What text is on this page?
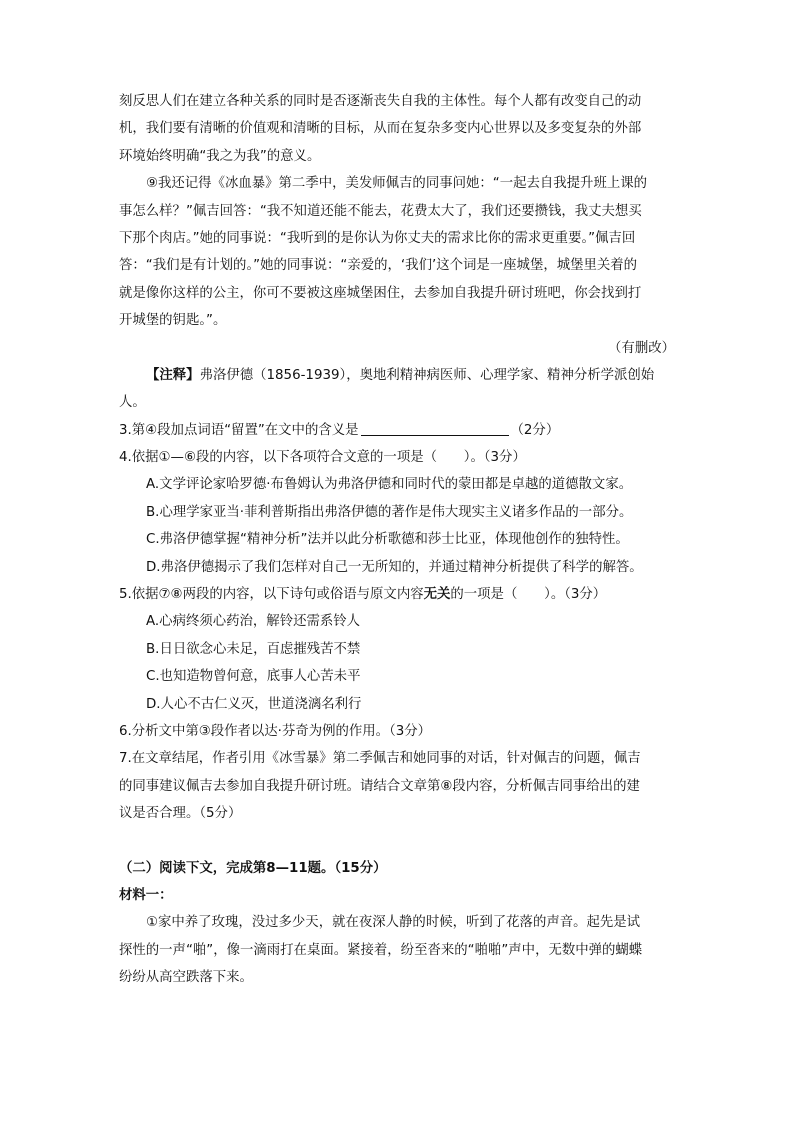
刻反思人们在建立各种关系的同时是否逐渐丧失自我的主体性。每个人都有改变自己的动
机，我们要有清晰的价值观和清晰的目标，从而在复杂多变内心世界以及多变复杂的外部
环境始终明确“我之为我”的意义。
⑨我还记得《冰血暴》第二季中，美发师佩吉的同事问她：“一起去自我提升班上课的
事怎么样？”佩吉回答：“我不知道还能不能去，花费太大了，我们还要攒钱，我丈夫想买
下那个肉店。”她的同事说：“我听到的是你认为你丈夫的需求比你的需求更重要。”佩吉回
答：“我们是有计划的。”她的同事说：“亲爱的，‘我们’这个词是一座城堡，城堡里关着的
就是像你这样的公主，你可不要被这座城堡困住，去参加自我提升研讨班吧，你会找到打
开城堡的钥匙。”。
（有删改）
【注释】弗洛伊德（1856-1939），奥地利精神病医师、心理学家、精神分析学派创始
人。
3.第④段加点词语“留置”在文中的含义是	（2分）
4.依据①—⑥段的内容，以下各项符合文意的一项是（　　）。（3分）
A.文学评论家哈罗德·布鲁姆认为弗洛伊德和同时代的蒙田都是卓越的道德散文家。
B.心理学家亚当·菲利普斯指出弗洛伊德的著作是伟大现实主义诸多作品的一部分。
C.弗洛伊德掌握“精神分析”法并以此分析歌德和莎士比亚，体现他创作的独特性。
D.弗洛伊德揭示了我们怎样对自己一无所知的，并通过精神分析提供了科学的解答。
5.依据⑦⑧两段的内容，以下诗句或俗语与原文内容无关的一项是（　　）。（3分）
A.心病终须心药治，解铃还需系铃人
B.日日欲念心未足，百虑摧残苦不禁
C.也知造物曾何意，底事人心苦未平
D.人心不古仁义灭，世道浇漓名利行
6.分析文中第③段作者以达·芬奇为例的作用。（3分）
7.在文章结尾，作者引用《冰雪暴》第二季佩吉和她同事的对话，针对佩吉的问题，佩吉
的同事建议佩吉去参加自我提升研讨班。请结合文章第⑧段内容，分析佩吉同事给出的建
议是否合理。（5分）
（二）阅读下文，完成第8—11题。（15分）
材料一：
①家中养了玫瑰，没过多少天，就在夜深人静的时候，听到了花落的声音。起先是试
探性的一声“啪”，像一滴雨打在桌面。紧接着，纷至沓来的“啪啪”声中，无数中弹的蝴蝶
纷纷从高空跌落下来。
